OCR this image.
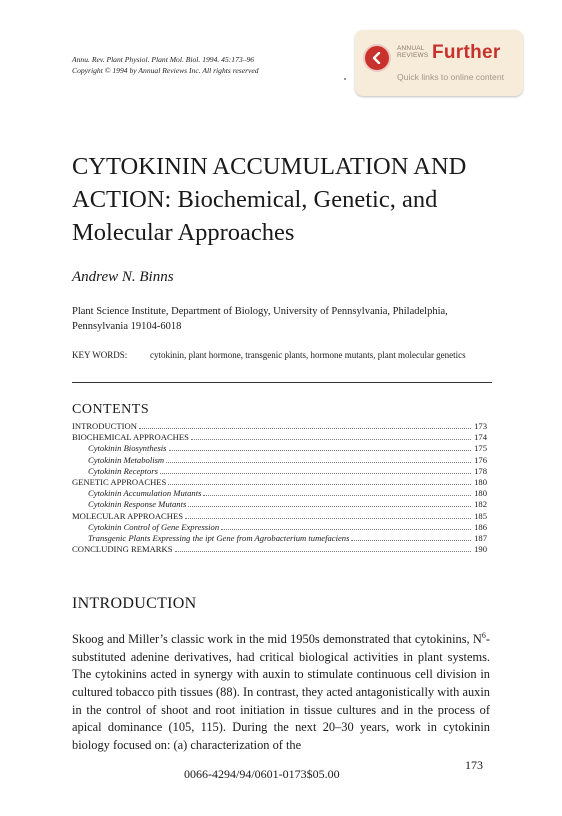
Annu. Rev. Plant Physiol. Plant Mol. Biol. 1994. 45:173–96
Copyright © 1994 by Annual Reviews Inc. All rights reserved
ANNUAL
REVIEWS Further
Quick links to online content
CYTOKININ ACCUMULATION AND
ACTION: Biochemical, Genetic, and
Molecular Approaches
Andrew N. Binns
Plant Science Institute, Department of Biology, University of Pennsylvania, Philadelphia, Pennsylvania 19104-6018
KEY WORDS:	cytokinin, plant hormone, transgenic plants, hormone mutants, plant molecular genetics
CONTENTS
INTRODUCTION	173
BIOCHEMICAL APPROACHES	174
Cytokinin Biosynthesis	175
Cytokinin Metabolism	176
Cytokinin Receptors	178
GENETIC APPROACHES	180
Cytokinin Accumulation Mutants	180
Cytokinin Response Mutants	182
MOLECULAR APPROACHES	185
Cytokinin Control of Gene Expression	186
Transgenic Plants Expressing the ipt Gene from Agrobacterium tumefaciens	187
CONCLUDING REMARKS	190
INTRODUCTION

Skoog and Miller’s classic work in the mid 1950s demonstrated that cytokinins, $N^6$-substituted adenine derivatives, had critical biological activities in plant systems. The cytokinins acted in synergy with auxin to stimulate continuous cell division in cultured tobacco pith tissues (88). In contrast, they acted antagonistically with auxin in the control of shoot and root initiation in tissue cultures and in the process of apical dominance (105, 115). During the next 20–30 years, work in cytokinin biology focused on: (a) characterization of the

173
0066-4294/94/0601-0173$05.00
